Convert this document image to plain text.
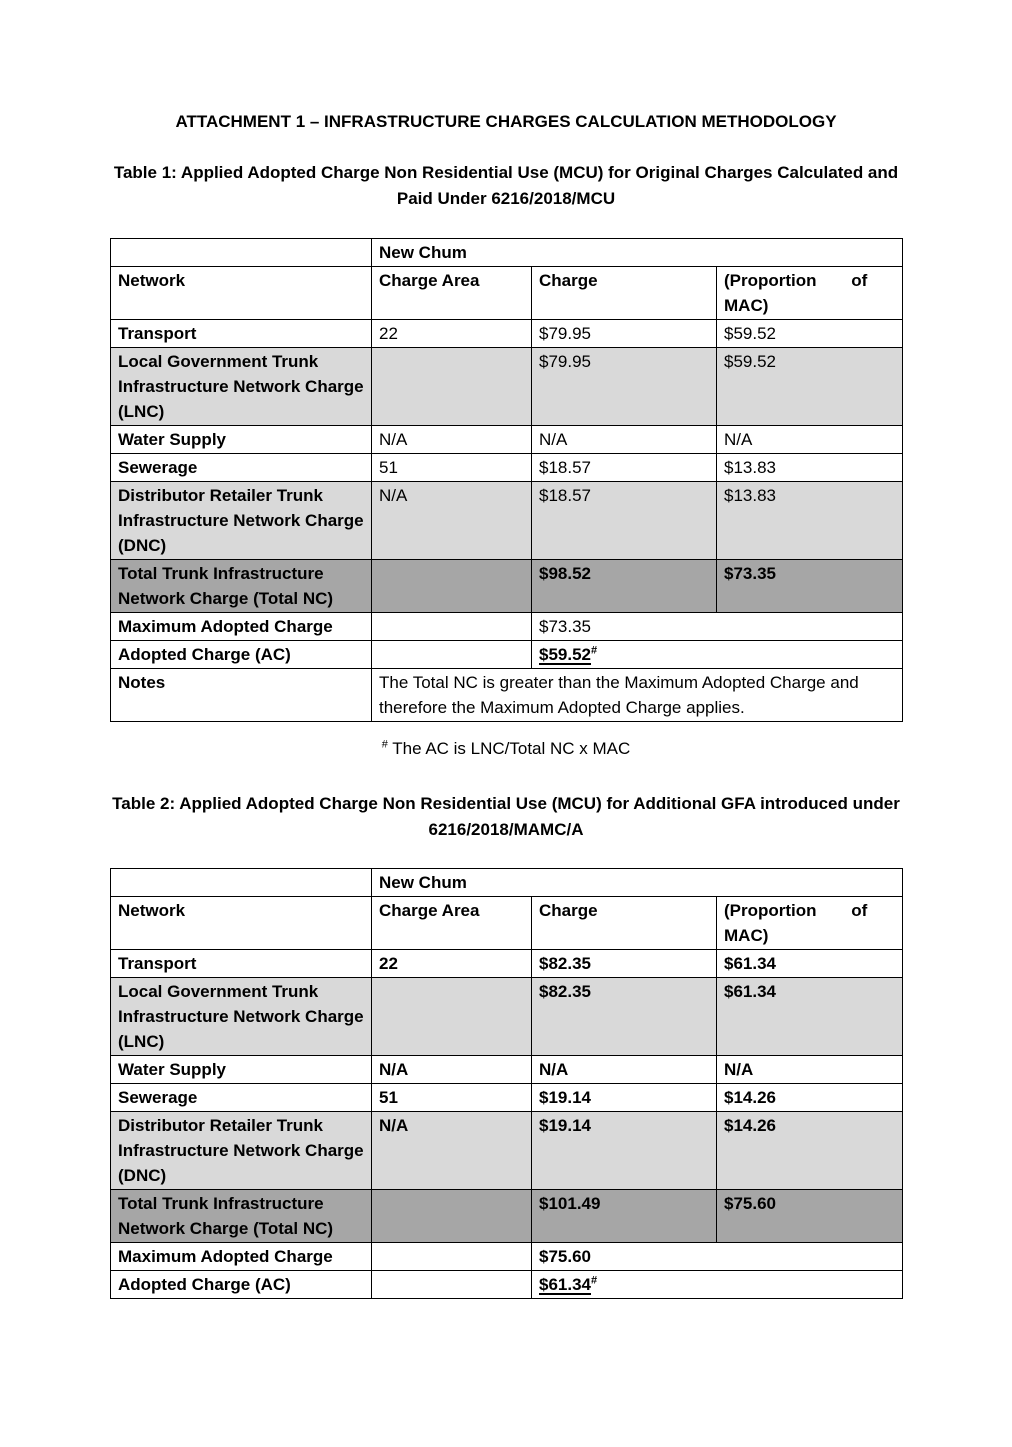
ATTACHMENT 1 – INFRASTRUCTURE CHARGES CALCULATION METHODOLOGY
Table 1: Applied Adopted Charge Non Residential Use (MCU) for Original Charges Calculated and Paid Under 6216/2018/MCU
	New Chum		
Network	Charge Area	Charge	(Proportion of MAC)
Transport	22	$79.95	$59.52
Local Government Trunk Infrastructure Network Charge (LNC)		$79.95	$59.52
Water Supply	N/A	N/A	N/A
Sewerage	51	$18.57	$13.83
Distributor Retailer Trunk Infrastructure Network Charge (DNC)	N/A	$18.57	$13.83
Total Trunk Infrastructure Network Charge (Total NC)		$98.52	$73.35
Maximum Adopted Charge		$73.35	
Adopted Charge (AC)		$59.52#
Notes	The Total NC is greater than the Maximum Adopted Charge and therefore the Maximum Adopted Charge applies.		
# The AC is LNC/Total NC x MAC
Table 2: Applied Adopted Charge Non Residential Use (MCU) for Additional GFA introduced under 6216/2018/MAMC/A
	New Chum		
Network	Charge Area	Charge	(Proportion of MAC)
Transport	22	$82.35	$61.34
Local Government Trunk Infrastructure Network Charge (LNC)		$82.35	$61.34
Water Supply	N/A	N/A	N/A
Sewerage	51	$19.14	$14.26
Distributor Retailer Trunk Infrastructure Network Charge (DNC)	N/A	$19.14	$14.26
Total Trunk Infrastructure Network Charge (Total NC)		$101.49	$75.60
Maximum Adopted Charge		$75.60	
Adopted Charge (AC)		$61.34#
